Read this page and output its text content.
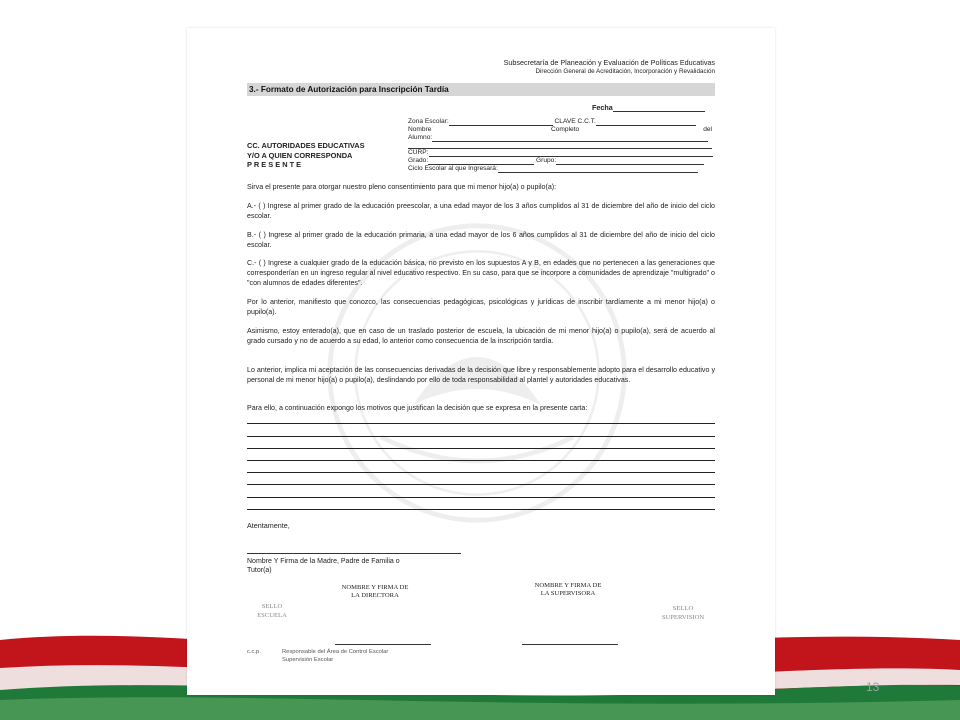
Subsecretaría de Planeación y Evaluación de Políticas Educativas
Dirección General de Acreditación, Incorporación y Revalidación
3.- Formato de Autorización para Inscripción Tardía
Fecha
Zona Escolar:	CLAVE C.C.T.
Nombre	Completo	del
Alumno:
CC. AUTORIDADES EDUCATIVAS
Y/O A QUIEN CORRESPONDA
P R E S E N T E
CURP:
Grado:	Grupo:
Ciclo Escolar al que Ingresará:
Sirva el presente para otorgar nuestro pleno consentimiento para que mi menor hijo(a) o pupilo(a):
A.- ( ) Ingrese al primer grado de la educación preescolar, a una edad mayor de los 3 años cumplidos al 31 de diciembre del año de inicio del ciclo escolar.
B.- ( ) Ingrese al primer grado de la educación primaria, a una edad mayor de los 6 años cumplidos al 31 de diciembre del año de inicio del ciclo escolar.
C.- ( ) Ingrese a cualquier grado de la educación básica, no previsto en los supuestos A y B, en edades que no pertenecen a las generaciones que corresponderían en un ingreso regular al nivel educativo respectivo. En su caso, para que se incorpore a comunidades de aprendizaje "multigrado" o "con alumnos de edades diferentes".
Por lo anterior, manifiesto que conozco, las consecuencias pedagógicas, psicológicas y jurídicas de inscribir tardíamente a mi menor hijo(a) o pupilo(a).
Asimismo, estoy enterado(a), que en caso de un traslado posterior de escuela, la ubicación de mi menor hijo(a) o pupilo(a), será de acuerdo al grado cursado y no de acuerdo a su edad, lo anterior como consecuencia de la inscripción tardía.
Lo anterior, implica mi aceptación de las consecuencias derivadas de la decisión que libre y responsablemente adopto para el desarrollo educativo y personal de mi menor hijo(a) o pupilo(a), deslindando por ello de toda responsabilidad al plantel y autoridades educativas.
Para ello, a continuación expongo los motivos que justifican la decisión que se expresa en la presente carta:
Atentamente,
Nombre Y Firma de la Madre, Padre de Familia o
Tutor(a)
NOMBRE Y FIRMA DE
LA DIRECTORA
NOMBRE Y FIRMA DE
LA SUPERVISORA
SELLO
ESCUELA
SELLO
SUPERVISION
c.c.p.	Responsable del Área de Control Escolar
Supervisión Escolar
13
